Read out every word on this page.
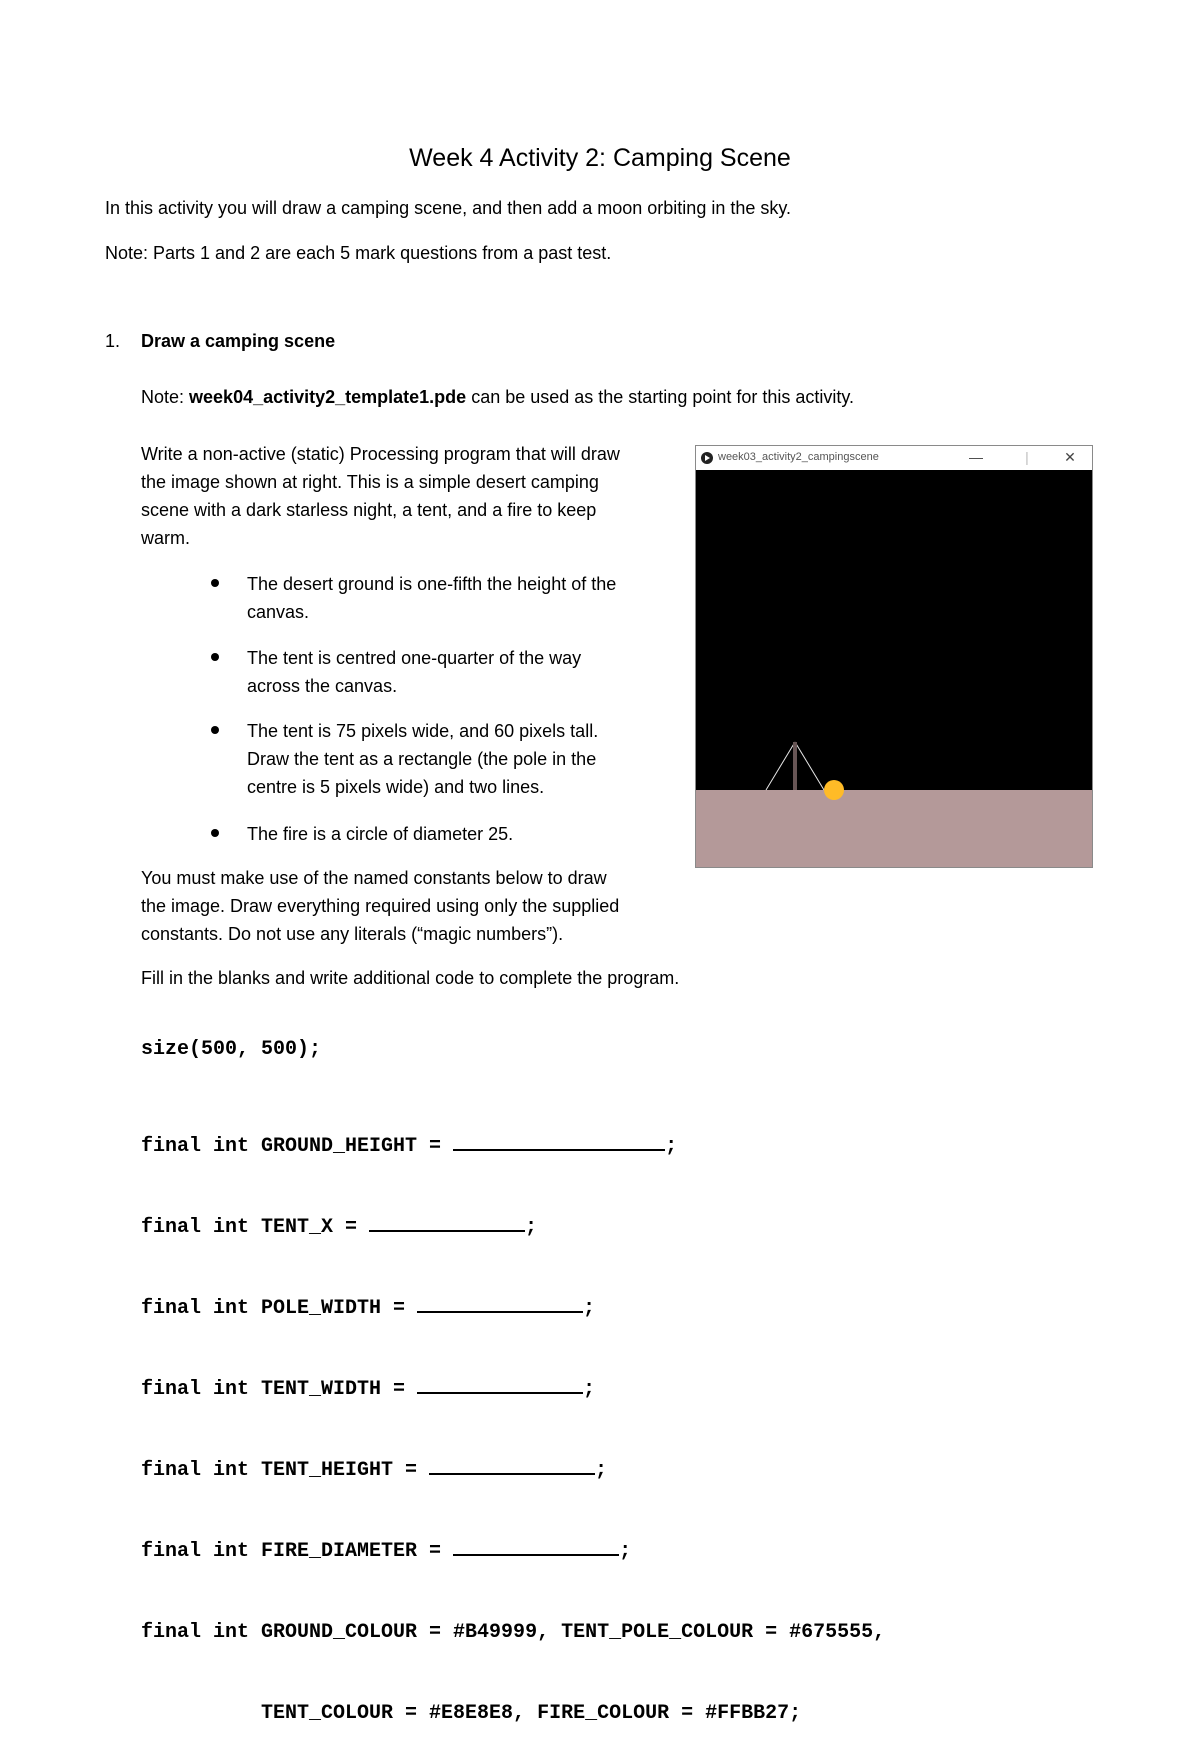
Week 4 Activity 2: Camping Scene
In this activity you will draw a camping scene, and then add a moon orbiting in the sky.
Note: Parts 1 and 2 are each 5 mark questions from a past test.
1. Draw a camping scene
Note: week04_activity2_template1.pde can be used as the starting point for this activity.
Write a non-active (static) Processing program that will draw
the image shown at right. This is a simple desert camping
scene with a dark starless night, a tent, and a fire to keep
warm.
The desert ground is one-fifth the height of the
canvas.
The tent is centred one-quarter of the way
across the canvas.
The tent is 75 pixels wide, and 60 pixels tall.
Draw the tent as a rectangle (the pole in the
centre is 5 pixels wide) and two lines.
The fire is a circle of diameter 25.
You must make use of the named constants below to draw
the image. Draw everything required using only the supplied
constants. Do not use any literals (“magic numbers”).
Fill in the blanks and write additional code to complete the program.
size(500, 500);

final int GROUND_HEIGHT =	;

final int TENT_X =	;

final int POLE_WIDTH =	;

final int TENT_WIDTH =	;

final int TENT_HEIGHT =	;

final int FIRE_DIAMETER =	;

final int GROUND_COLOUR = #B49999, TENT_POLE_COLOUR = #675555,

TENT_COLOUR = #E8E8E8, FIRE_COLOUR = #FFBB27;

week03_activity2_campingscene	—	|	✕
